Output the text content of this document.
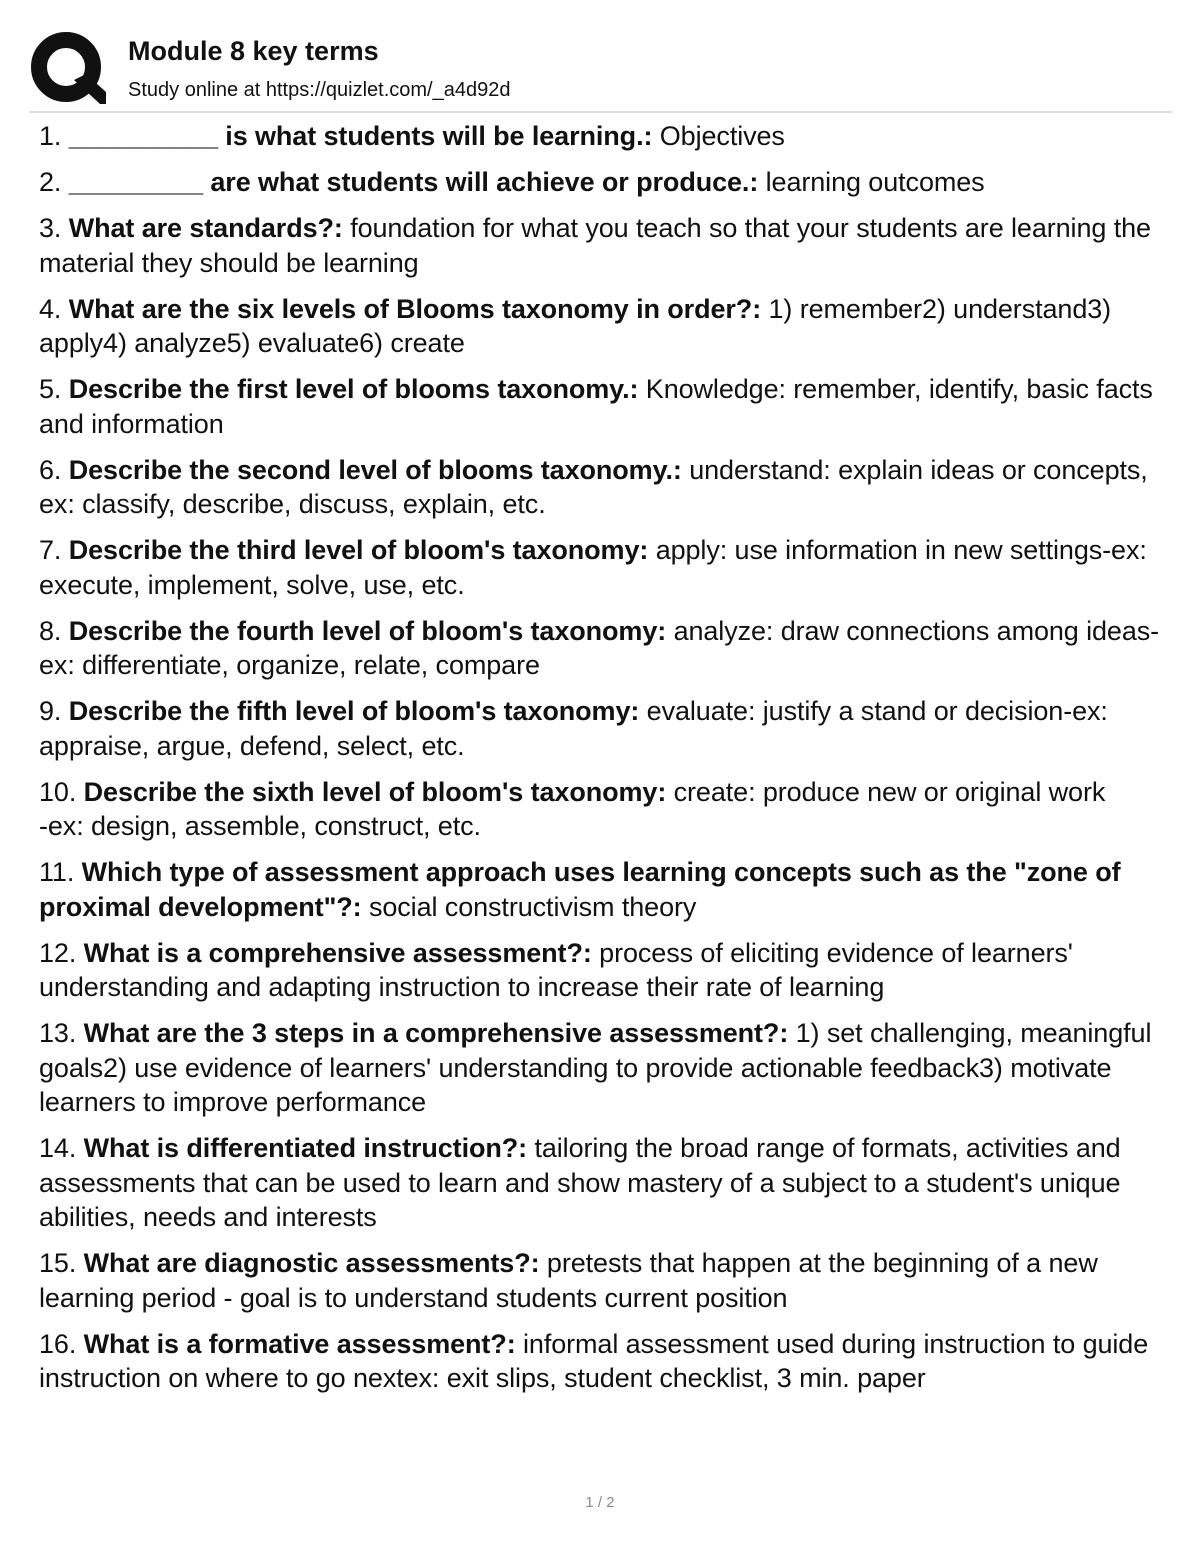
Module 8 key terms
Study online at https://quizlet.com/_a4d92d
1. __________ is what students will be learning.: Objectives
2. _________ are what students will achieve or produce.: learning outcomes
3. What are standards?: foundation for what you teach so that your students are learning the material they should be learning
4. What are the six levels of Blooms taxonomy in order?: 1) remember2) understand3) apply4) analyze5) evaluate6) create
5. Describe the first level of blooms taxonomy.: Knowledge: remember, identify, basic facts and information
6. Describe the second level of blooms taxonomy.: understand: explain ideas or concepts, ex: classify, describe, discuss, explain, etc.
7. Describe the third level of bloom's taxonomy: apply: use information in new settings-ex: execute, implement, solve, use, etc.
8. Describe the fourth level of bloom's taxonomy: analyze: draw connections among ideas-ex: differentiate, organize, relate, compare
9. Describe the fifth level of bloom's taxonomy: evaluate: justify a stand or decision-ex: appraise, argue, defend, select, etc.
10. Describe the sixth level of bloom's taxonomy: create: produce new or original work
-ex: design, assemble, construct, etc.
11. Which type of assessment approach uses learning concepts such as the "zone of proximal development"?: social constructivism theory
12. What is a comprehensive assessment?: process of eliciting evidence of learners' understanding and adapting instruction to increase their rate of learning
13. What are the 3 steps in a comprehensive assessment?: 1) set challenging, meaningful goals2) use evidence of learners' understanding to provide actionable feedback3) motivate learners to improve performance
14. What is differentiated instruction?: tailoring the broad range of formats, activities and assessments that can be used to learn and show mastery of a subject to a student's unique abilities, needs and interests
15. What are diagnostic assessments?: pretests that happen at the beginning of a new learning period - goal is to understand students current position
16. What is a formative assessment?: informal assessment used during instruction to guide instruction on where to go nextex: exit slips, student checklist, 3 min. paper
1 / 2
